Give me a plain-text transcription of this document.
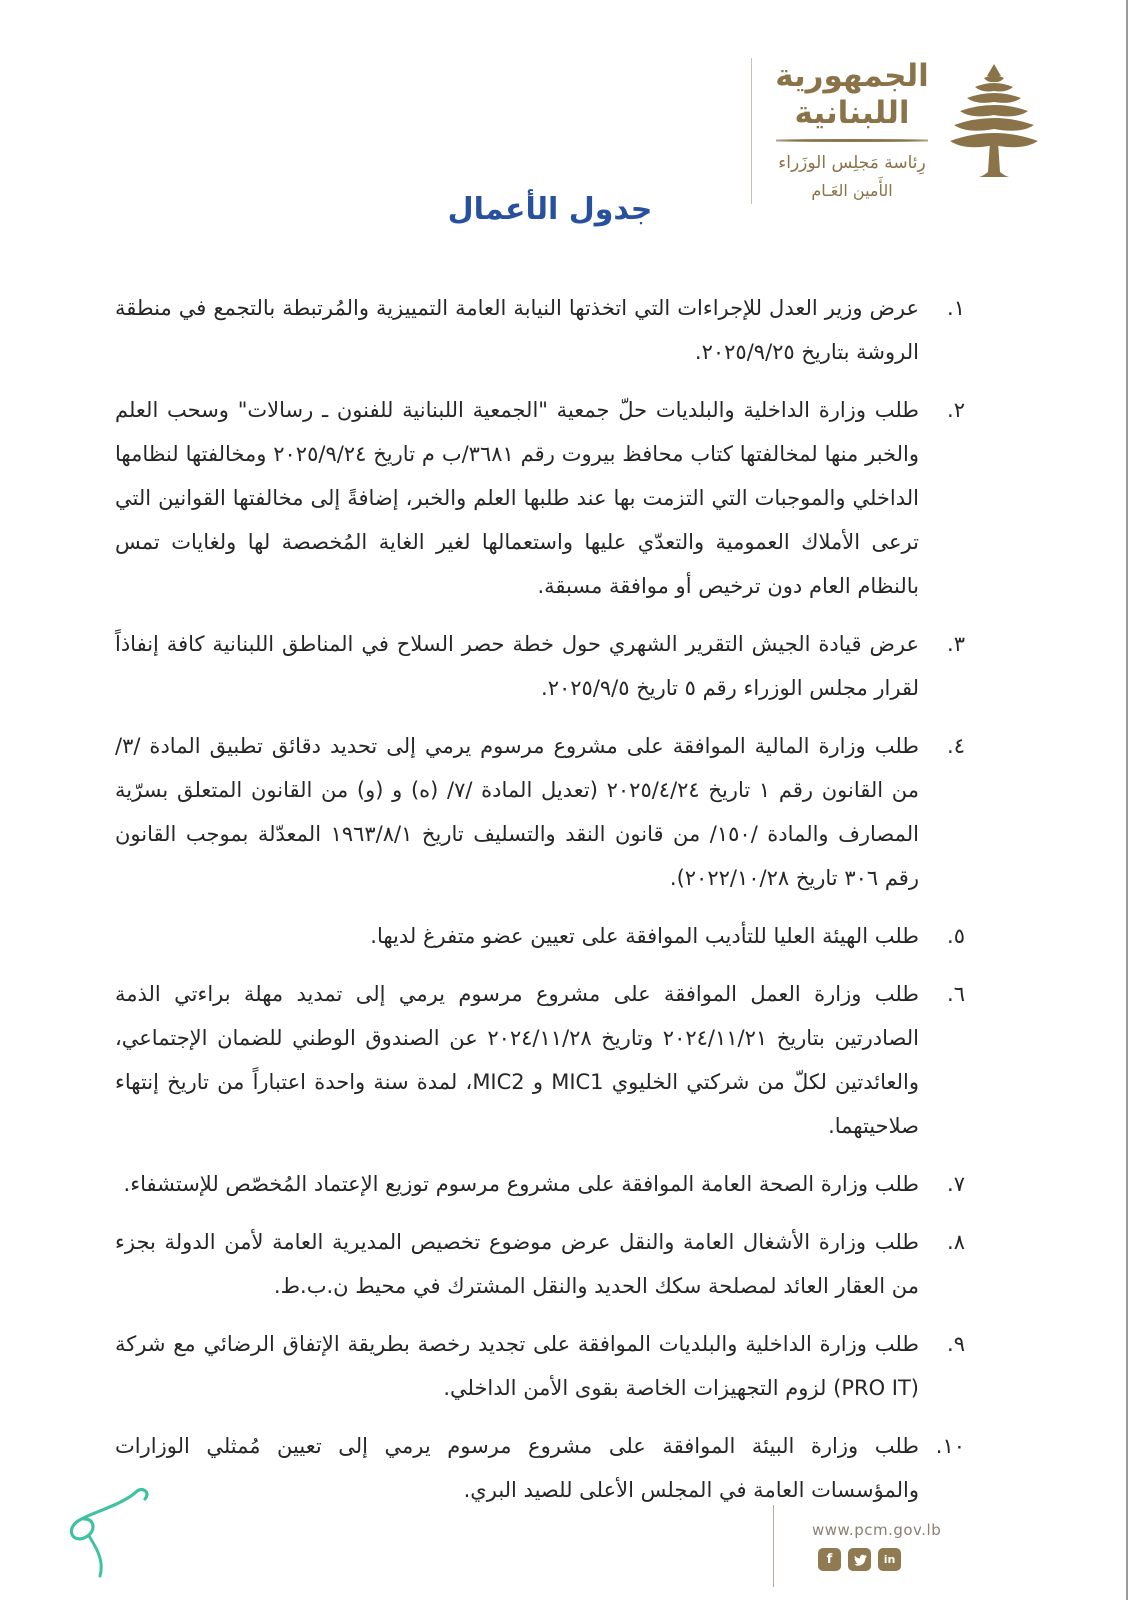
الجمهورية
اللبنانية
رِئاسة مَجلِس الوزَراء
الأَمين العَـام
جدول الأعمال
١.
عرض وزير العدل للإجراءات التي اتخذتها النيابة العامة التمييزية والمُرتبطة بالتجمع في منطقة الروشة بتاريخ ٢٠٢٥/٩/٢٥.
٢.
طلب وزارة الداخلية والبلديات حلّ جمعية "الجمعية اللبنانية للفنون ـ رسالات" وسحب العلم والخبر منها لمخالفتها كتاب محافظ بيروت رقم ٣٦٨١/ب م تاريخ ٢٠٢٥/٩/٢٤ ومخالفتها لنظامها الداخلي والموجبات التي التزمت بها عند طلبها العلم والخبر، إضافةً إلى مخالفتها القوانين التي ترعى الأملاك العمومية والتعدّي عليها واستعمالها لغير الغاية المُخصصة لها ولغايات تمس بالنظام العام دون ترخيص أو موافقة مسبقة.
٣.
عرض قيادة الجيش التقرير الشهري حول خطة حصر السلاح في المناطق اللبنانية كافة إنفاذاً لقرار مجلس الوزراء رقم ٥ تاريخ ٢٠٢٥/٩/٥.
٤.
طلب وزارة المالية الموافقة على مشروع مرسوم يرمي إلى تحديد دقائق تطبيق المادة /٣/ من القانون رقم ١ تاريخ ٢٠٢٥/٤/٢٤ (تعديل المادة /٧/ (ه) و (و) من القانون المتعلق بسرّية المصارف والمادة /١٥٠/ من قانون النقد والتسليف تاريخ ١٩٦٣/٨/١ المعدّلة بموجب القانون رقم ٣٠٦ تاريخ ٢٠٢٢/١٠/٢٨).
٥.
طلب الهيئة العليا للتأديب الموافقة على تعيين عضو متفرغ لديها.
٦.
طلب وزارة العمل الموافقة على مشروع مرسوم يرمي إلى تمديد مهلة براءتي الذمة الصادرتين بتاريخ ٢٠٢٤/١١/٢١ وتاريخ ٢٠٢٤/١١/٢٨ عن الصندوق الوطني للضمان الإجتماعي، والعائدتين لكلّ من شركتي الخليوي MIC1 و MIC2، لمدة سنة واحدة اعتباراً من تاريخ إنتهاء صلاحيتهما.
٧.
طلب وزارة الصحة العامة الموافقة على مشروع مرسوم توزيع الإعتماد المُخصّص للإستشفاء.
٨.
طلب وزارة الأشغال العامة والنقل عرض موضوع تخصيص المديرية العامة لأمن الدولة بجزء من العقار العائد لمصلحة سكك الحديد والنقل المشترك في محيط ن.ب.ط.
٩.
طلب وزارة الداخلية والبلديات الموافقة على تجديد رخصة بطريقة الإتفاق الرضائي مع شركة (PRO IT) لزوم التجهيزات الخاصة بقوى الأمن الداخلي.
١٠.
طلب وزارة البيئة الموافقة على مشروع مرسوم يرمي إلى تعيين مُمثلي الوزارات والمؤسسات العامة في المجلس الأعلى للصيد البري.
www.pcm.gov.lb
f	in
